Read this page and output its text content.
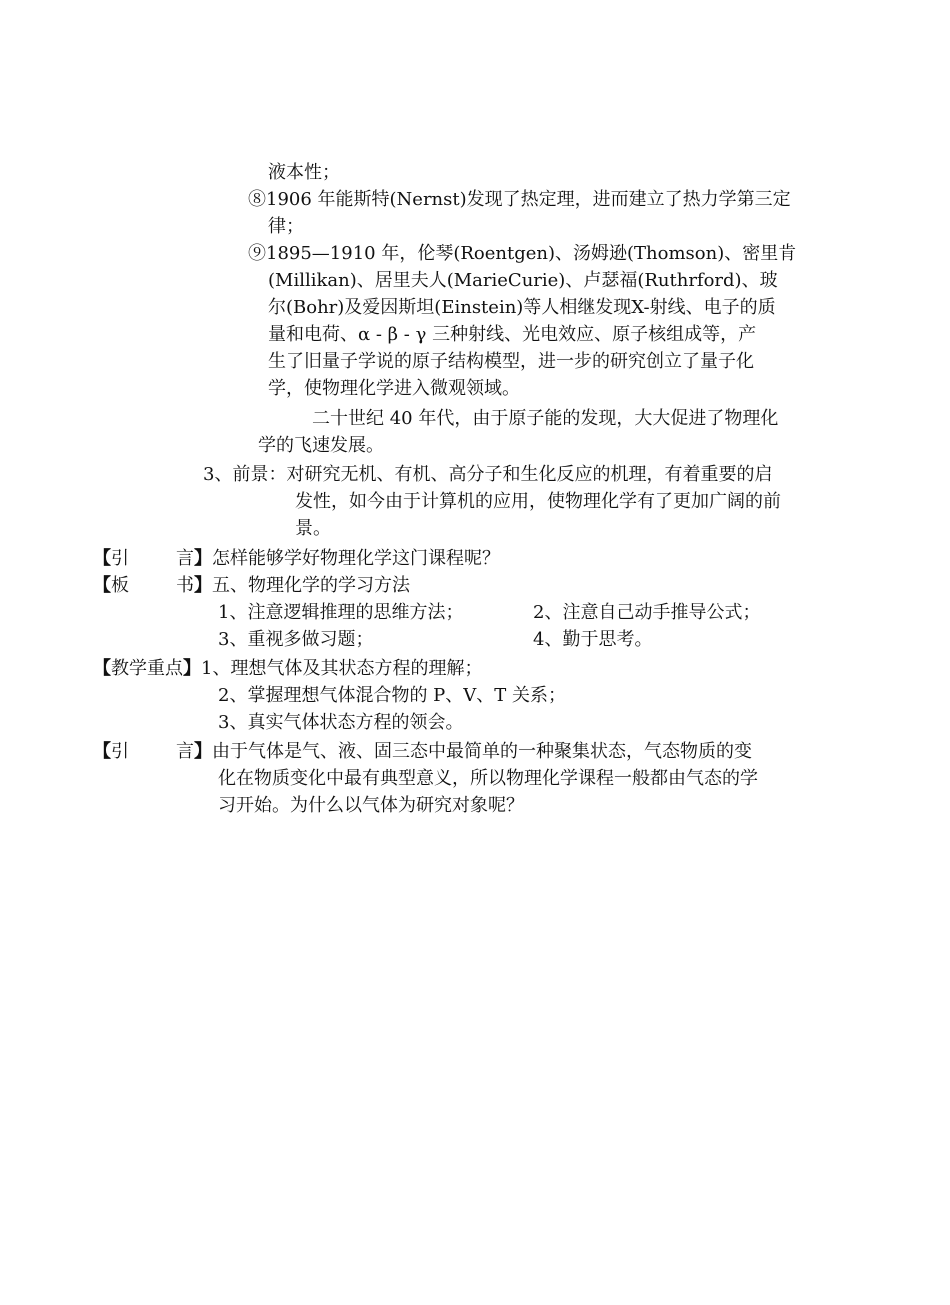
液本性；
⑧1906 年能斯特(Nernst)发现了热定理，进而建立了热力学第三定
律；
⑨1895—1910 年，伦琴(Roentgen)、汤姆逊(Thomson)、密里肯
(Millikan)、居里夫人(MarieCurie)、卢瑟福(Ruthrford)、玻
尔(Bohr)及爱因斯坦(Einstein)等人相继发现X-射线、电子的质
量和电荷、α - β - γ 三种射线、光电效应、原子核组成等，产
生了旧量子学说的原子结构模型，进一步的研究创立了量子化
学，使物理化学进入微观领域。
二十世纪 40 年代，由于原子能的发现，大大促进了物理化
学的飞速发展。
3、前景：对研究无机、有机、高分子和生化反应的机理，有着重要的启
发性，如今由于计算机的应用，使物理化学有了更加广阔的前
景。
【引	言】怎样能够学好物理化学这门课程呢？
【板	书】五、物理化学的学习方法
1、注意逻辑推理的思维方法；	2、注意自己动手推导公式；
3、重视多做习题；	4、勤于思考。
【教学重点】1、理想气体及其状态方程的理解；
2、掌握理想气体混合物的 P、V、T 关系；
3、真实气体状态方程的领会。
【引	言】由于气体是气、液、固三态中最简单的一种聚集状态，气态物质的变
化在物质变化中最有典型意义，所以物理化学课程一般都由气态的学
习开始。为什么以气体为研究对象呢？
